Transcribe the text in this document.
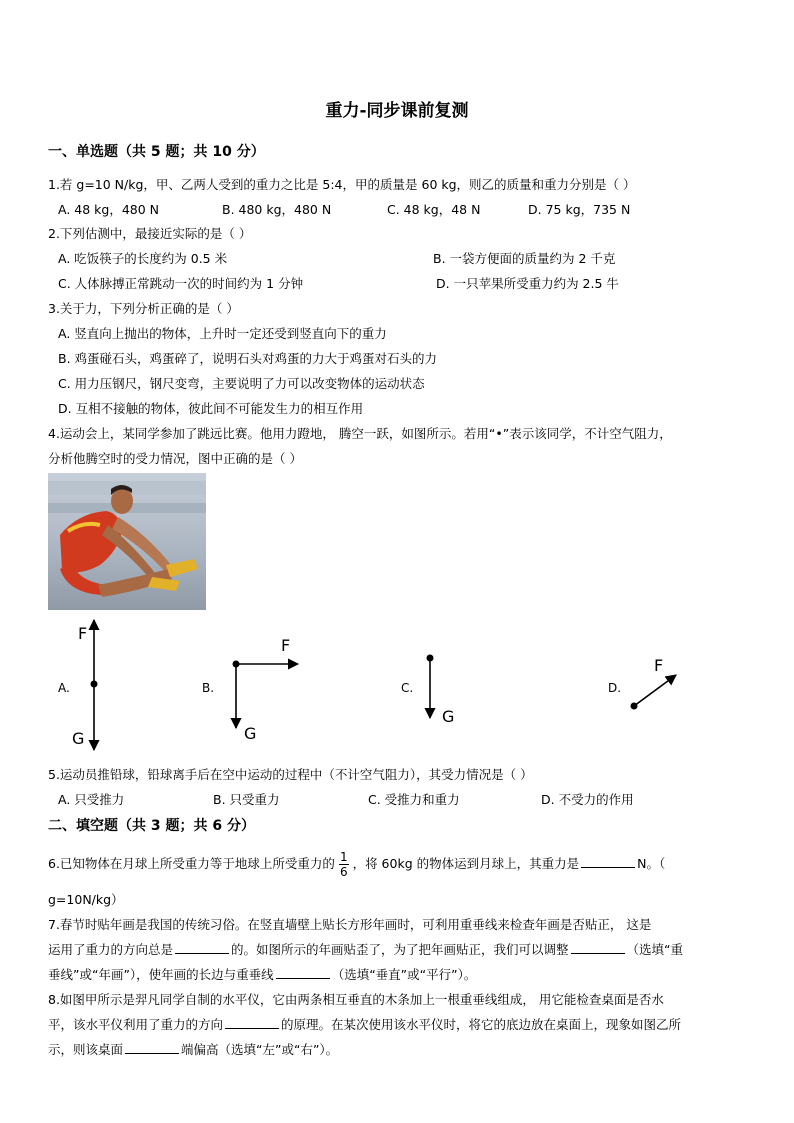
重力-同步课前复测
一、单选题（共 5 题；共 10 分）
1.若 g=10 N/kg，甲、乙两人受到的重力之比是 5:4，甲的质量是 60 kg，则乙的质量和重力分别是（ ）
A. 48 kg，480 N	B. 480 kg，480 N	C. 48 kg，48 N	D. 75 kg，735 N
2.下列估测中，最接近实际的是（ ）
A. 吃饭筷子的长度约为 0.5 米	B. 一袋方便面的质量约为 2 千克
C. 人体脉搏正常跳动一次的时间约为 1 分钟	D. 一只苹果所受重力约为 2.5 牛
3.关于力，下列分析正确的是（ ）
A. 竖直向上抛出的物体，上升时一定还受到竖直向下的重力
B. 鸡蛋碰石头，鸡蛋碎了，说明石头对鸡蛋的力大于鸡蛋对石头的力
C. 用力压钢尺，钢尺变弯，主要说明了力可以改变物体的运动状态
D. 互相不接触的物体，彼此间不可能发生力的相互作用
4.运动会上，某同学参加了跳远比赛。他用力蹬地， 腾空一跃，如图所示。若用“•”表示该同学，不计空气阻力，
分析他腾空时的受力情况，图中正确的是（ ）
A.	B.	C.	D.
F
G
F
G
G
F
5.运动员推铅球，铅球离手后在空中运动的过程中（不计空气阻力），其受力情况是（ ）
A. 只受推力	B. 只受重力	C. 受推力和重力	D. 不受力的作用
二、填空题（共 3 题；共 6 分）
6.已知物体在月球上所受重力等于地球上所受重力的 $\frac{1}{6}$ ，将 60kg 的物体运到月球上，其重力是	N。（
g=10N/kg）
7.春节时贴年画是我国的传统习俗。在竖直墙壁上贴长方形年画时，可利用重垂线来检查年画是否贴正， 这是
运用了重力的方向总是	的。如图所示的年画贴歪了，为了把年画贴正，我们可以调整	（选填“重
垂线”或“年画”），使年画的长边与重垂线	（选填“垂直”或“平行”）。
8.如图甲所示是羿凡同学自制的水平仪，它由两条相互垂直的木条加上一根重垂线组成， 用它能检查桌面是否水
平，该水平仪利用了重力的方向	的原理。在某次使用该水平仪时，将它的底边放在桌面上，现象如图乙所
示，则该桌面	端偏高（选填“左”或“右”）。
